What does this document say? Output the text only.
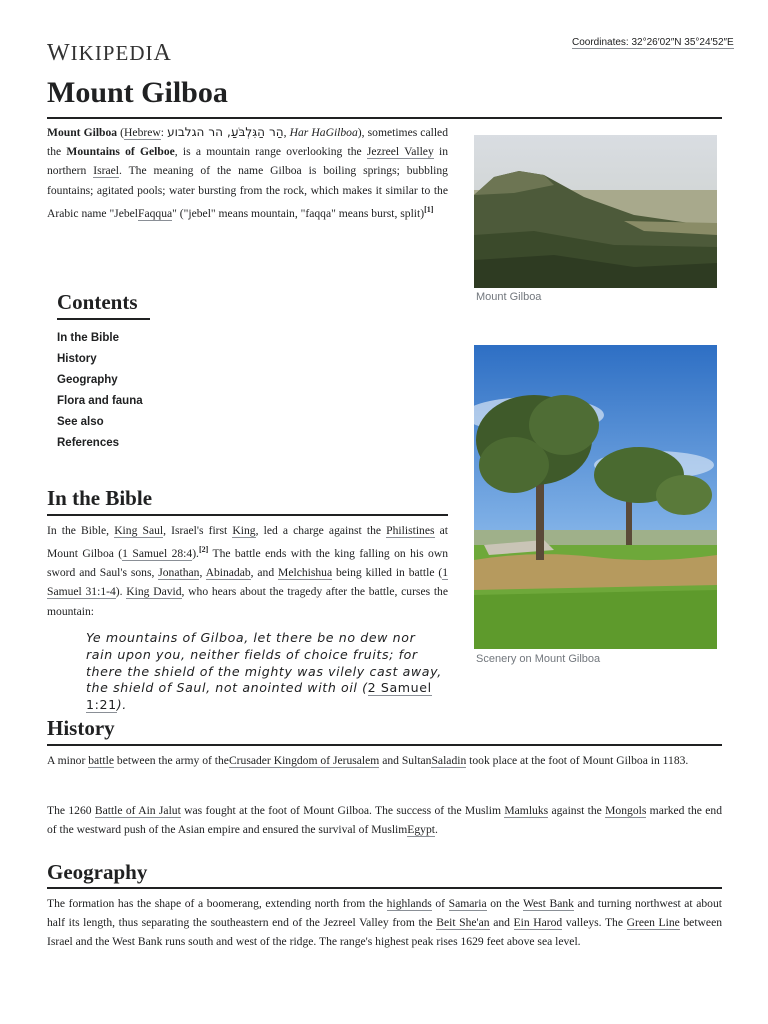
WIKIPEDIA	Coordinates: 32°26′02″N 35°24′52″E
Mount Gilboa

Mount Gilboa (Hebrew: הַר הַגִּלְבֹּעַ, הר הגלבוע, Har HaGilboa), sometimes called the Mountains of Gelboe, is a mountain range overlooking the Jezreel Valley in northern Israel. The meaning of the name Gilboa is boiling springs; bubbling fountains; agitated pools; water bursting from the rock, which makes it similar to the Arabic name "JebelFaqqua" ("jebel" means mountain, "faqqa" means burst, split)[1]

Mount Gilboa
Scenery on Mount Gilboa
Contents
In the Bible
History
Geography
Flora and fauna
See also
References
In the Bible

In the Bible, King Saul, Israel's first King, led a charge against the Philistines at Mount Gilboa (1 Samuel 28:4).[2] The battle ends with the king falling on his own sword and Saul's sons, Jonathan, Abinadab, and Melchishua being killed in battle (1 Samuel 31:1-4). King David, who hears about the tragedy after the battle, curses the mountain:

Ye mountains of Gilboa, let there be no dew nor rain upon you, neither fields of choice fruits; for there the shield of the mighty was vilely cast away, the shield of Saul, not anointed with oil (2 Samuel 1:21).
History

A minor battle between the army of theCrusader Kingdom of Jerusalem and SultanSaladin took place at the foot of Mount Gilboa in 1183.

The 1260 Battle of Ain Jalut was fought at the foot of Mount Gilboa. The success of the Muslim Mamluks against the Mongols marked the end of the westward push of the Asian empire and ensured the survival of MuslimEgypt.

Geography

The formation has the shape of a boomerang, extending north from the highlands of Samaria on the West Bank and turning northwest at about half its length, thus separating the southeastern end of the Jezreel Valley from the Beit She'an and Ein Harod valleys. The Green Line between Israel and the West Bank runs south and west of the ridge. The range's highest peak rises 1629 feet above sea level.
